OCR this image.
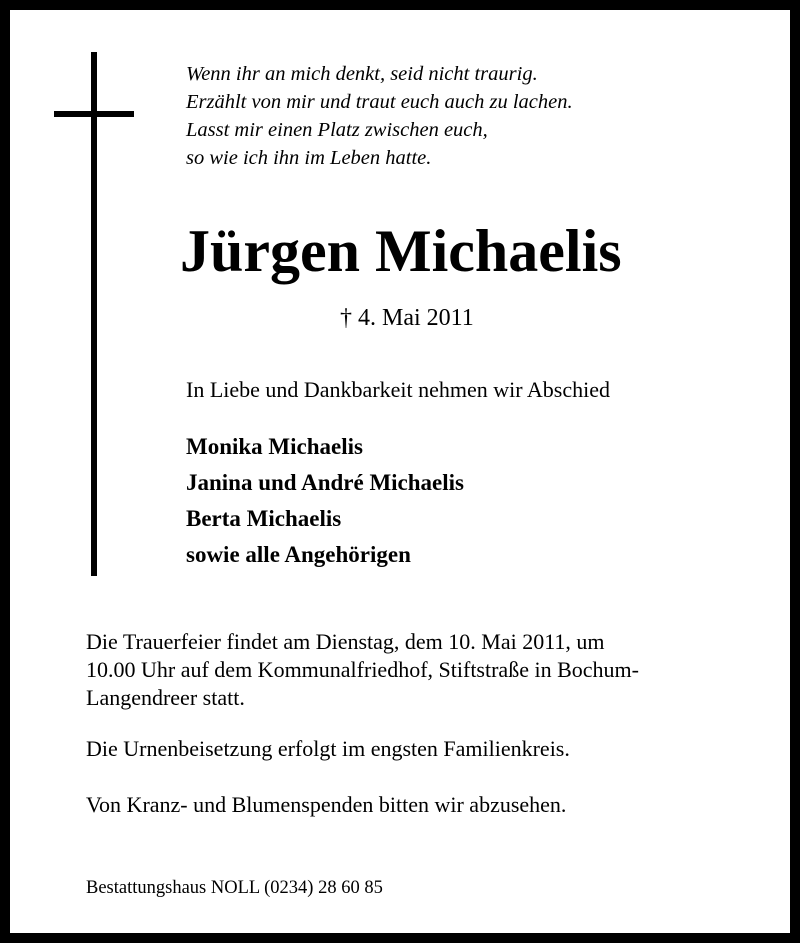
Wenn ihr an mich denkt, seid nicht traurig.
Erzählt von mir und traut euch auch zu lachen.
Lasst mir einen Platz zwischen euch,
so wie ich ihn im Leben hatte.
Jürgen Michaelis
† 4. Mai 2011
In Liebe und Dankbarkeit nehmen wir Abschied
Monika Michaelis
Janina und André Michaelis
Berta Michaelis
sowie alle Angehörigen
Die Trauerfeier findet am Dienstag, dem 10. Mai 2011, um
10.00 Uhr auf dem Kommunalfriedhof, Stiftstraße in Bochum-
Langendreer statt.
Die Urnenbeisetzung erfolgt im engsten Familienkreis.
Von Kranz- und Blumenspenden bitten wir abzusehen.
Bestattungshaus NOLL (0234) 28 60 85
